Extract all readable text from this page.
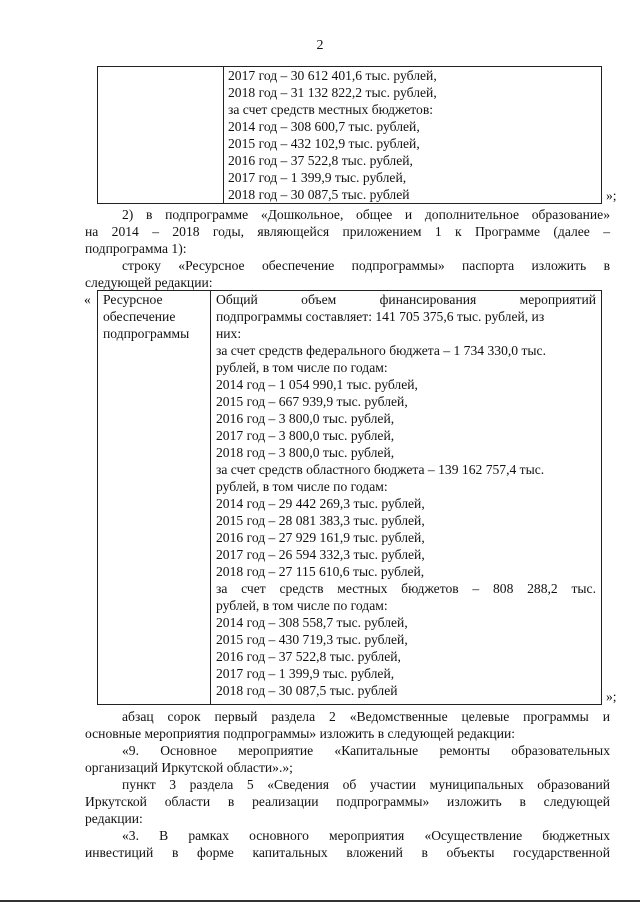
2
2017 год – 30 612 401,6 тыс. рублей,
2018 год – 31 132 822,2 тыс. рублей,
за счет средств местных бюджетов:
2014 год – 308 600,7 тыс. рублей,
2015 год – 432 102,9 тыс. рублей,
2016 год – 37 522,8 тыс. рублей,
2017 год – 1 399,9 тыс. рублей,
2018 год – 30 087,5 тыс. рублей	»;
2) в подпрограмме «Дошкольное, общее и дополнительное образование»
на 2014 – 2018 годы, являющейся приложением 1 к Программе (далее –
подпрограмма 1):
строку «Ресурсное обеспечение подпрограммы» паспорта изложить в
следующей редакции:
« Ресурсное
обеспечение
подпрограммы
Общий объем финансирования мероприятий
подпрограммы составляет: 141 705 375,6 тыс. рублей, из
них:
за счет средств федерального бюджета – 1 734 330,0 тыс.
рублей, в том числе по годам:
2014 год – 1 054 990,1 тыс. рублей,
2015 год – 667 939,9 тыс. рублей,
2016 год – 3 800,0 тыс. рублей,
2017 год – 3 800,0 тыс. рублей,
2018 год – 3 800,0 тыс. рублей,
за счет средств областного бюджета – 139 162 757,4 тыс.
рублей, в том числе по годам:
2014 год – 29 442 269,3 тыс. рублей,
2015 год – 28 081 383,3 тыс. рублей,
2016 год – 27 929 161,9 тыс. рублей,
2017 год – 26 594 332,3 тыс. рублей,
2018 год – 27 115 610,6 тыс. рублей,
за счет средств местных бюджетов – 808 288,2 тыс.
рублей, в том числе по годам:
2014 год – 308 558,7 тыс. рублей,
2015 год – 430 719,3 тыс. рублей,
2016 год – 37 522,8 тыс. рублей,
2017 год – 1 399,9 тыс. рублей,
2018 год – 30 087,5 тыс. рублей	»;
абзац сорок первый раздела 2 «Ведомственные целевые программы и
основные мероприятия подпрограммы» изложить в следующей редакции:
«9. Основное мероприятие «Капитальные ремонты образовательных
организаций Иркутской области».»;
пункт 3 раздела 5 «Сведения об участии муниципальных образований
Иркутской области в реализации подпрограммы» изложить в следующей
редакции:
«3. В рамках основного мероприятия «Осуществление бюджетных
инвестиций в форме капитальных вложений в объекты государственной
